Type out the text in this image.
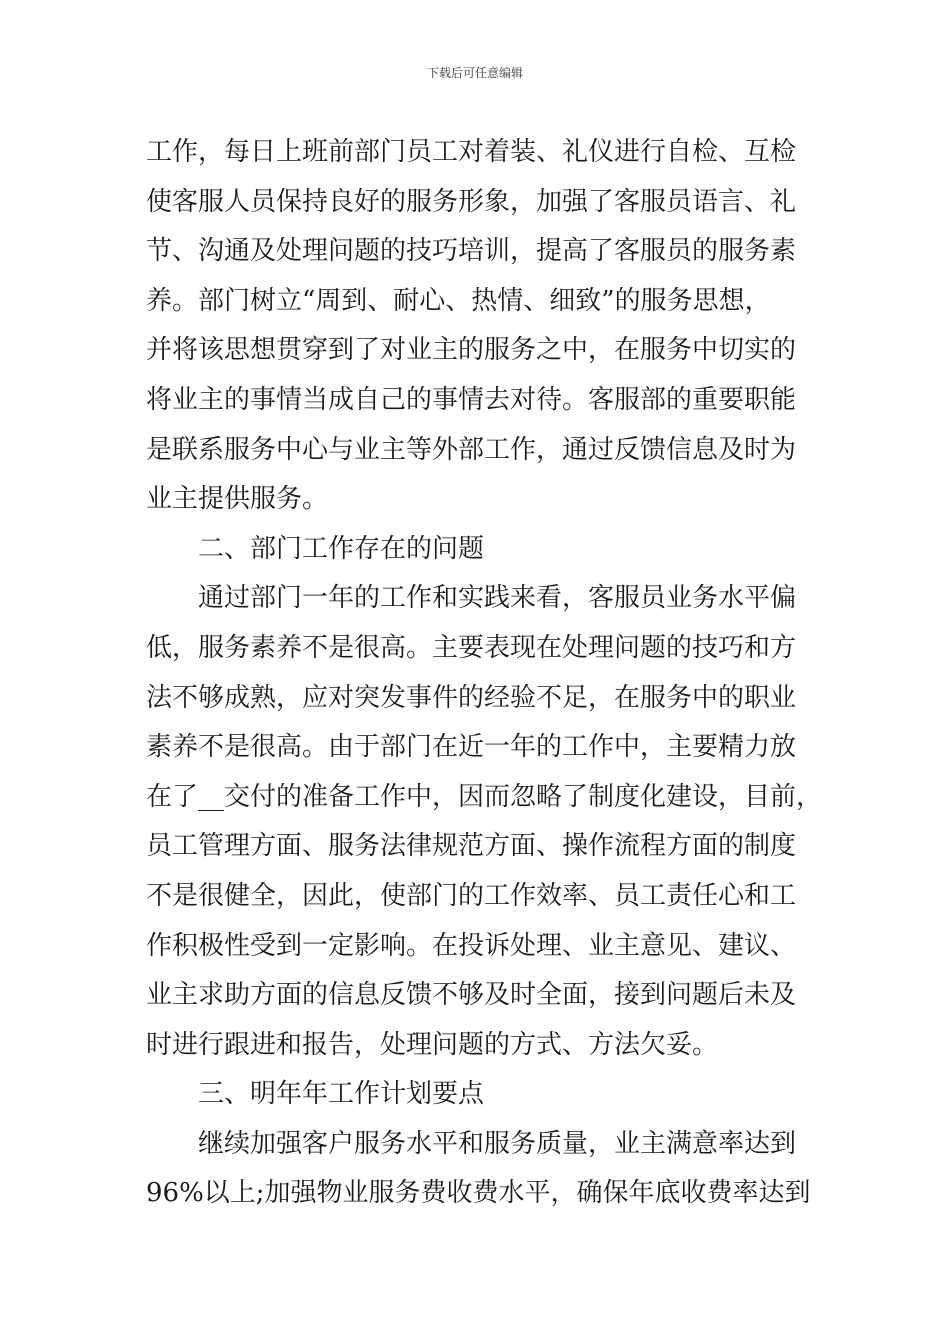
下载后可任意编辑
工作，每日上班前部门员工对着装、礼仪进行自检、互检
使客服人员保持良好的服务形象，加强了客服员语言、礼
节、沟通及处理问题的技巧培训，提高了客服员的服务素
养。部门树立“周到、耐心、热情、细致”的服务思想，
并将该思想贯穿到了对业主的服务之中，在服务中切实的
将业主的事情当成自己的事情去对待。客服部的重要职能
是联系服务中心与业主等外部工作，通过反馈信息及时为
业主提供服务。
二、部门工作存在的问题
通过部门一年的工作和实践来看，客服员业务水平偏
低，服务素养不是很高。主要表现在处理问题的技巧和方
法不够成熟，应对突发事件的经验不足，在服务中的职业
素养不是很高。由于部门在近一年的工作中，主要精力放
在了__交付的准备工作中，因而忽略了制度化建设，目前，
员工管理方面、服务法律规范方面、操作流程方面的制度
不是很健全，因此，使部门的工作效率、员工责任心和工
作积极性受到一定影响。在投诉处理、业主意见、建议、
业主求助方面的信息反馈不够及时全面，接到问题后未及
时进行跟进和报告，处理问题的方式、方法欠妥。
三、明年年工作计划要点
继续加强客户服务水平和服务质量，业主满意率达到
96%以上;加强物业服务费收费水平，确保年底收费率达到
